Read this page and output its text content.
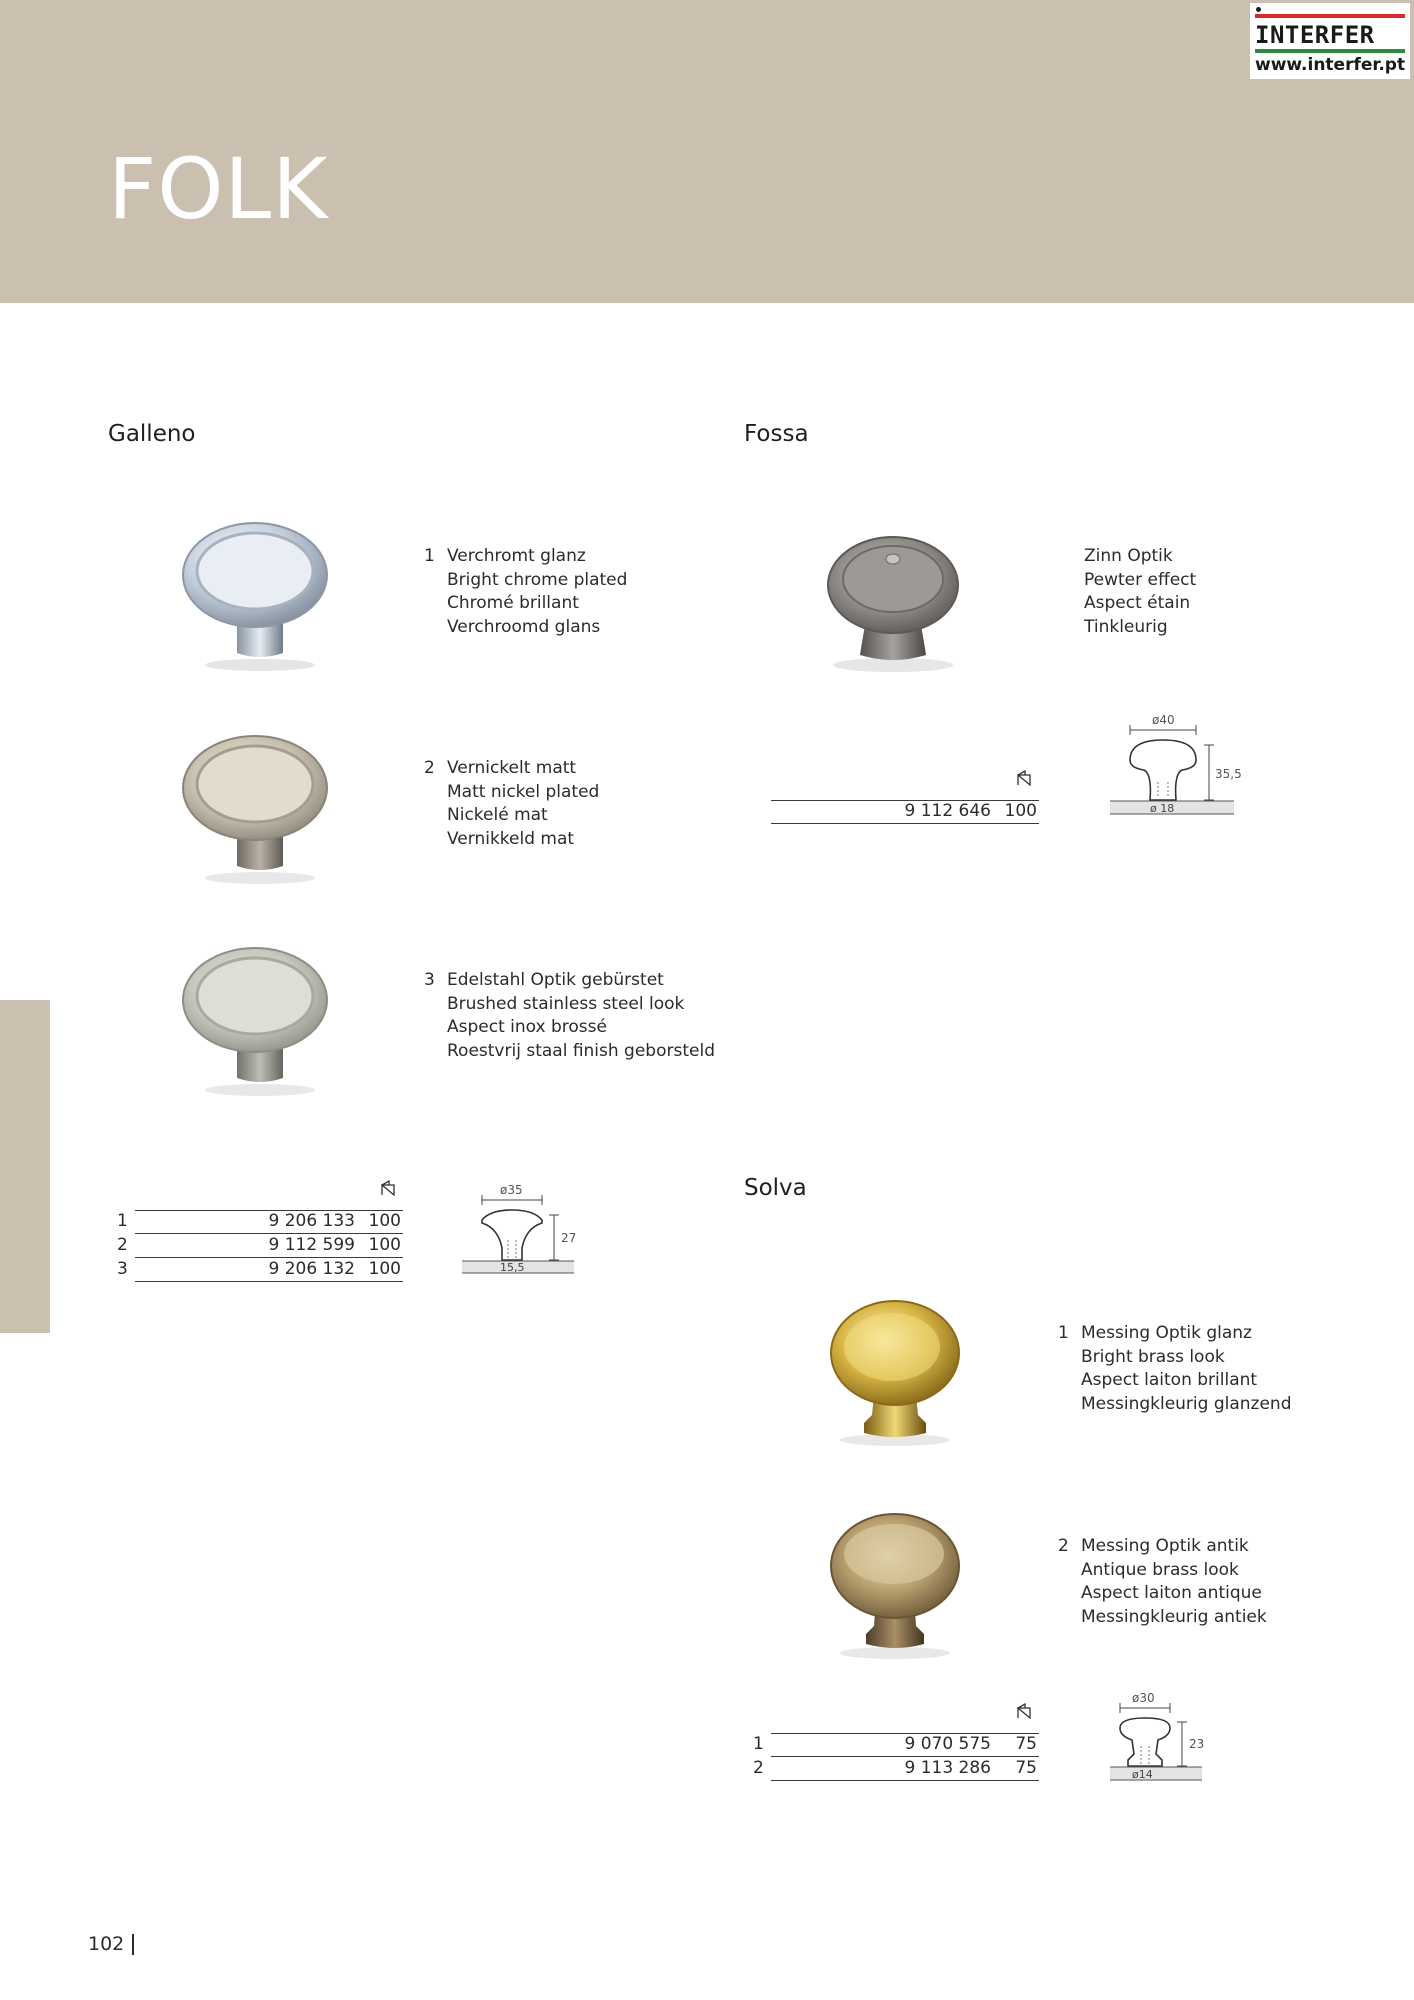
FOLK
INTERFER
www.interfer.pt
Galleno
1 Verchromt glanz
Bright chrome plated
Chromé brillant
Verchroomd glans
2 Vernickelt matt
Matt nickel plated
Nickelé mat
Vernikkeld mat
3 Edelstahl Optik gebürstet
Brushed stainless steel look
Aspect inox brossé
Roestvrij staal finish geborsteld
1	9 206 133 100
2	9 112 599 100
3	9 206 132 100
ø35
27
15,5
Fossa
Zinn Optik
Pewter effect
Aspect étain
Tinkleurig
9 112 646 100
ø40
35,5
ø 18
Solva
1 Messing Optik glanz
Bright brass look
Aspect laiton brillant
Messingkleurig glanzend
2 Messing Optik antik
Antique brass look
Aspect laiton antique
Messingkleurig antiek
1	9 070 575 75
2	9 113 286 75
ø30
23
ø14
102
